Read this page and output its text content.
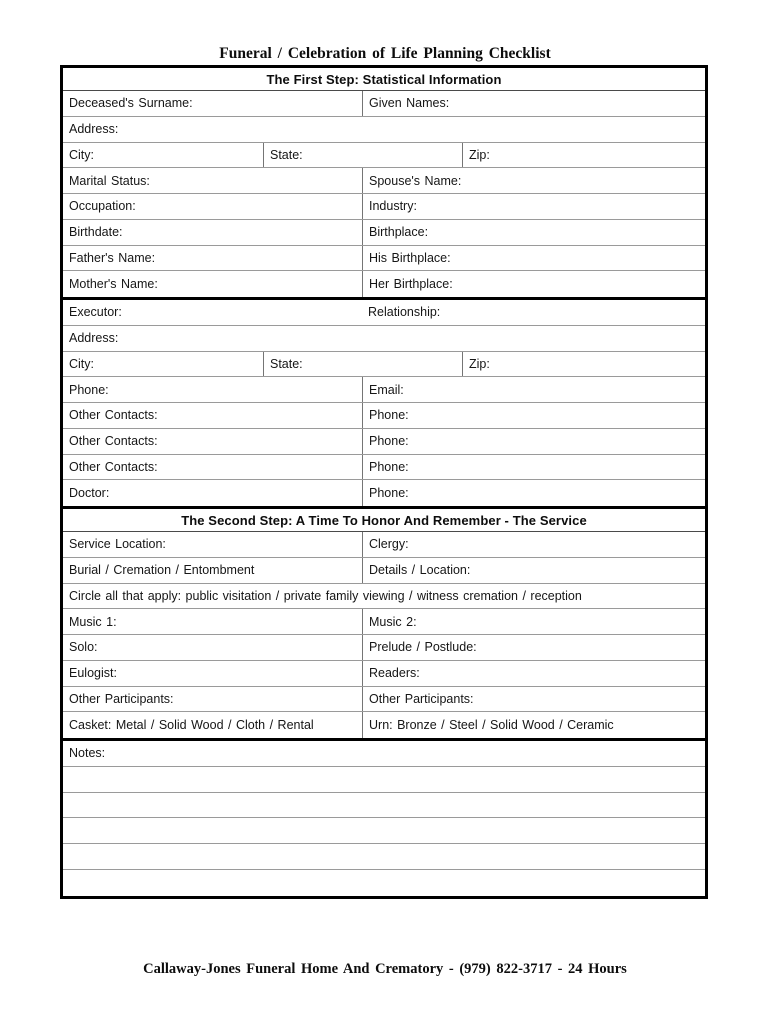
Funeral / Celebration of Life Planning Checklist
The First Step: Statistical Information
Deceased's Surname:	Given Names:
Address:
City:	State:	Zip:
Marital Status:	Spouse's Name:
Occupation:	Industry:
Birthdate:	Birthplace:
Father's Name:	His Birthplace:
Mother's Name:	Her Birthplace:
Executor:	Relationship:
Address:
City:	State:	Zip:
Phone:	Email:
Other Contacts:	Phone:
Other Contacts:	Phone:
Other Contacts:	Phone:
Doctor:	Phone:
The Second Step: A Time To Honor And Remember - The Service
Service Location:	Clergy:
Burial / Cremation / Entombment	Details / Location:
Circle all that apply: public visitation / private family viewing / witness cremation / reception
Music 1:	Music 2:
Solo:	Prelude / Postlude:
Eulogist:	Readers:
Other Participants:	Other Participants:
Casket: Metal / Solid Wood / Cloth / Rental	Urn: Bronze / Steel / Solid Wood / Ceramic
Notes:
Callaway-Jones Funeral Home And Crematory - (979) 822-3717 - 24 Hours
